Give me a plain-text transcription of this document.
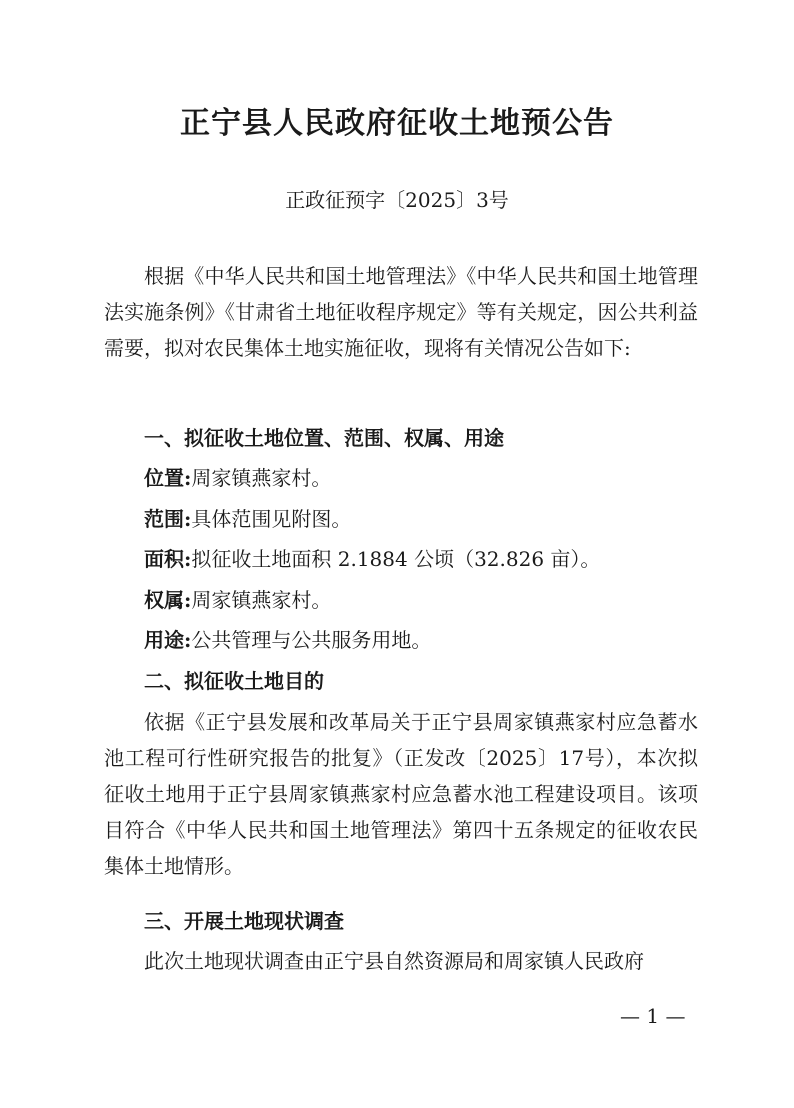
正宁县人民政府征收土地预公告

正政征预字〔2025〕3号

根据《中华人民共和国土地管理法》《中华人民共和国土地管理法实施条例》《甘肃省土地征收程序规定》等有关规定，因公共利益需要，拟对农民集体土地实施征收，现将有关情况公告如下:

一、拟征收土地位置、范围、权属、用途

位置:周家镇燕家村。

范围:具体范围见附图。

面积:拟征收土地面积 2.1884 公顷（32.826 亩）。

权属:周家镇燕家村。

用途:公共管理与公共服务用地。

二、拟征收土地目的

依据《正宁县发展和改革局关于正宁县周家镇燕家村应急蓄水池工程可行性研究报告的批复》（正发改〔2025〕17号），本次拟征收土地用于正宁县周家镇燕家村应急蓄水池工程建设项目。该项目符合《中华人民共和国土地管理法》第四十五条规定的征收农民集体土地情形。

三、开展土地现状调查

此次土地现状调查由正宁县自然资源局和周家镇人民政府

— 1 —
